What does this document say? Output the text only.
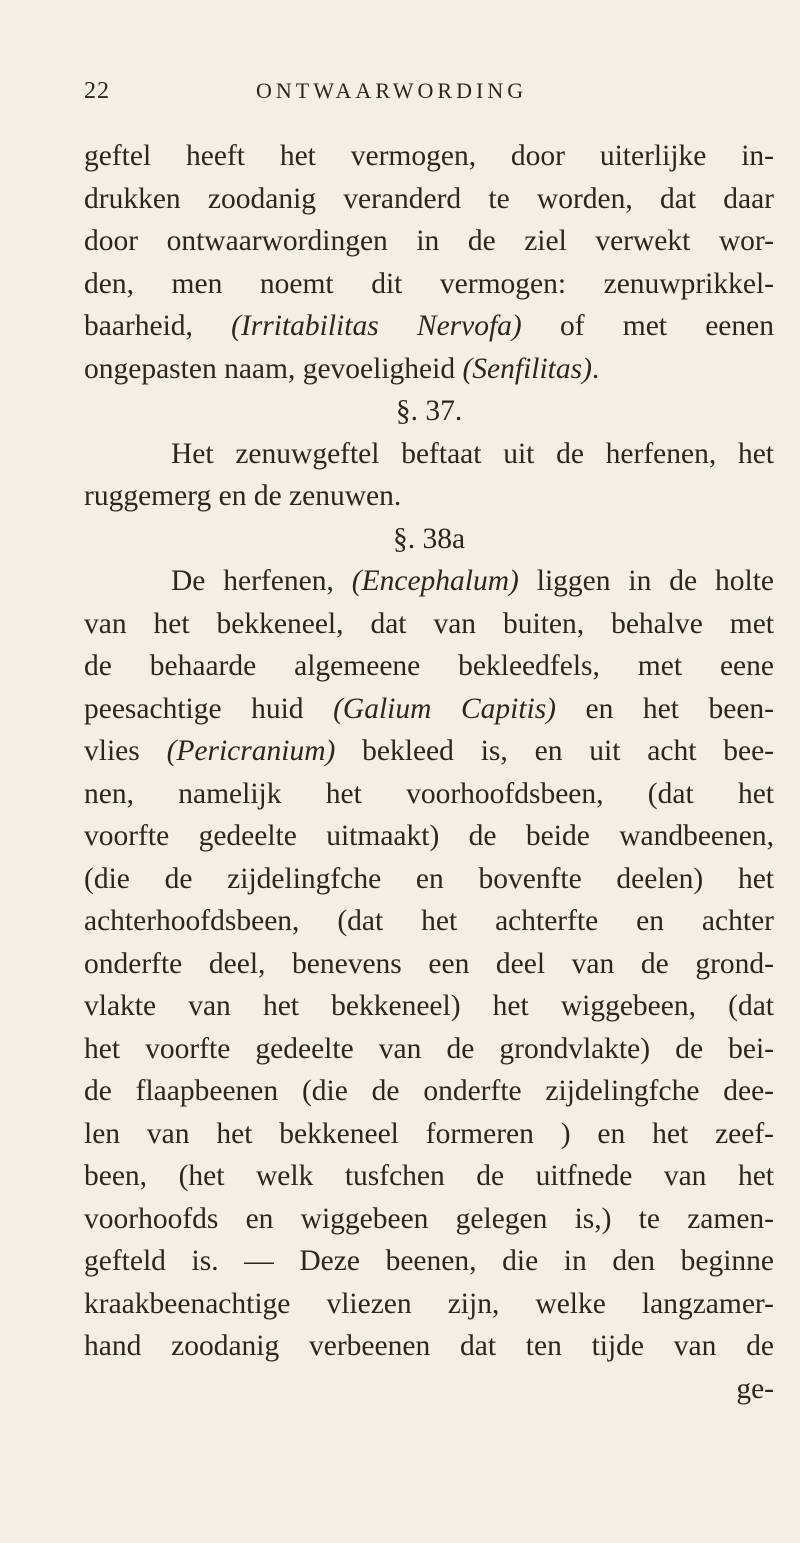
22	ONTWAARWORDING
geftel heeft het vermogen, door uiterlijke in-
drukken zoodanig veranderd te worden, dat daar
door ontwaarwordingen in de ziel verwekt wor-
den, men noemt dit vermogen: zenuwprikkel-
baarheid, (Irritabilitas Nervofa) of met eenen
ongepasten naam, gevoeligheid (Senfilitas).
§. 37.
Het zenuwgeftel beftaat uit de herfenen, het
ruggemerg en de zenuwen.
§. 38a
De herfenen, (Encephalum) liggen in de holte
van het bekkeneel, dat van buiten, behalve met
de behaarde algemeene bekleedfels, met eene
peesachtige huid (Galium Capitis) en het been-
vlies (Pericranium) bekleed is, en uit acht bee-
nen, namelijk het voorhoofdsbeen, (dat het
voorfte gedeelte uitmaakt) de beide wandbeenen,
(die de zijdelingfche en bovenfte deelen) het
achterhoofdsbeen, (dat het achterfte en achter
onderfte deel, benevens een deel van de grond-
vlakte van het bekkeneel) het wiggebeen, (dat
het voorfte gedeelte van de grondvlakte) de bei-
de flaapbeenen (die de onderfte zijdelingfche dee-
len van het bekkeneel formeren ) en het zeef-
been, (het welk tusfchen de uitfnede van het
voorhoofds en wiggebeen gelegen is,) te zamen-
gefteld is. — Deze beenen, die in den beginne
kraakbeenachtige vliezen zijn, welke langzamer-
hand zoodanig verbeenen dat ten tijde van de
ge-
